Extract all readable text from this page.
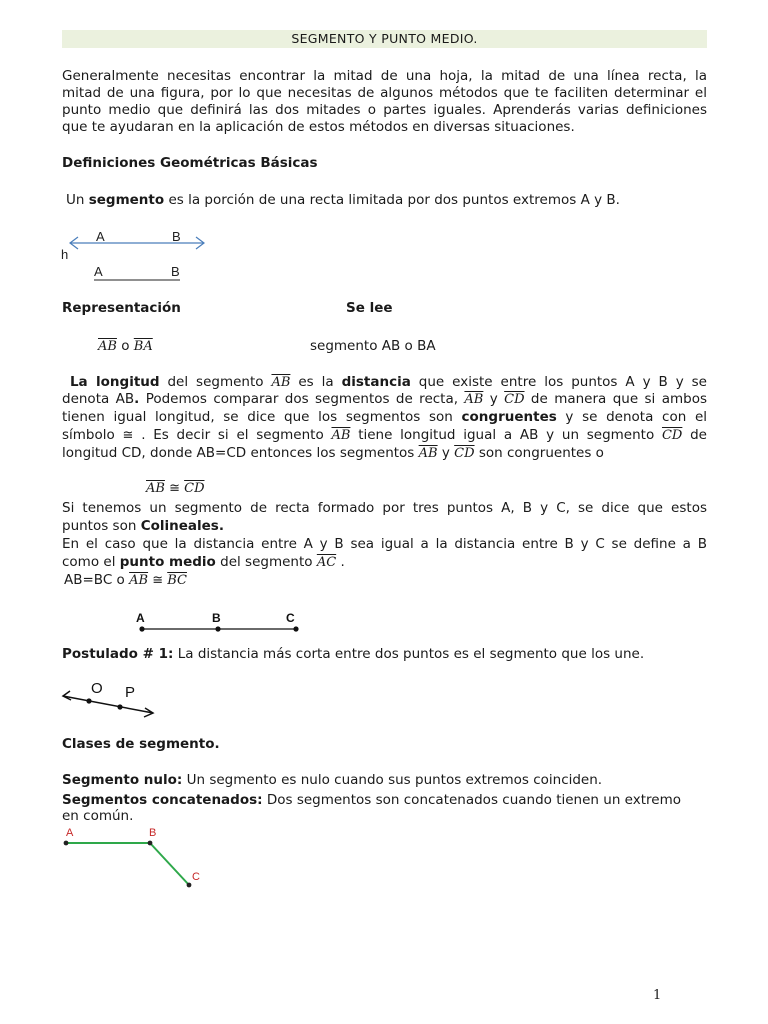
SEGMENTO Y PUNTO MEDIO.
Generalmente necesitas encontrar la mitad de una hoja, la mitad de una línea recta, la
mitad de una figura, por lo que necesitas de algunos métodos que te faciliten determinar el
punto medio que definirá las dos mitades o partes iguales. Aprenderás varias definiciones
que te ayudaran en la aplicación de estos métodos en diversas situaciones.
Definiciones Geométricas Básicas
Un segmento es la porción de una recta limitada por dos puntos extremos A y B.
A	B
h
A	B
Representación	Se lee
$\overline{AB}$ o $\overline{BA}$	segmento AB o BA
La longitud del segmento $\overline{AB}$ es la distancia que existe entre los puntos A y B y se
denota AB. Podemos comparar dos segmentos de recta, $\overline{AB}$ y $\overline{CD}$ de manera que si ambos
tienen igual longitud, se dice que los segmentos son congruentes y se denota con el
símbolo ≅ . Es decir si el segmento $\overline{AB}$ tiene longitud igual a AB y un segmento $\overline{CD}$ de
longitud CD, donde AB=CD entonces los segmentos $\overline{AB}$ y $\overline{CD}$ son congruentes o
$\overline{AB}$ ≅ $\overline{CD}$
Si tenemos un segmento de recta formado por tres puntos A, B y C, se dice que estos
puntos son Colineales.
En el caso que la distancia entre A y B sea igual a la distancia entre B y C se define a B
como el punto medio del segmento $\overline{AC}$ .
AB=BC o $\overline{AB}$ ≅ $\overline{BC}$
A	B	C
Postulado # 1: La distancia más corta entre dos puntos es el segmento que los une.
O P
Clases de segmento.
Segmento nulo: Un segmento es nulo cuando sus puntos extremos coinciden.
Segmentos concatenados: Dos segmentos son concatenados cuando tienen un extremo
en común.
A	B
C
1
